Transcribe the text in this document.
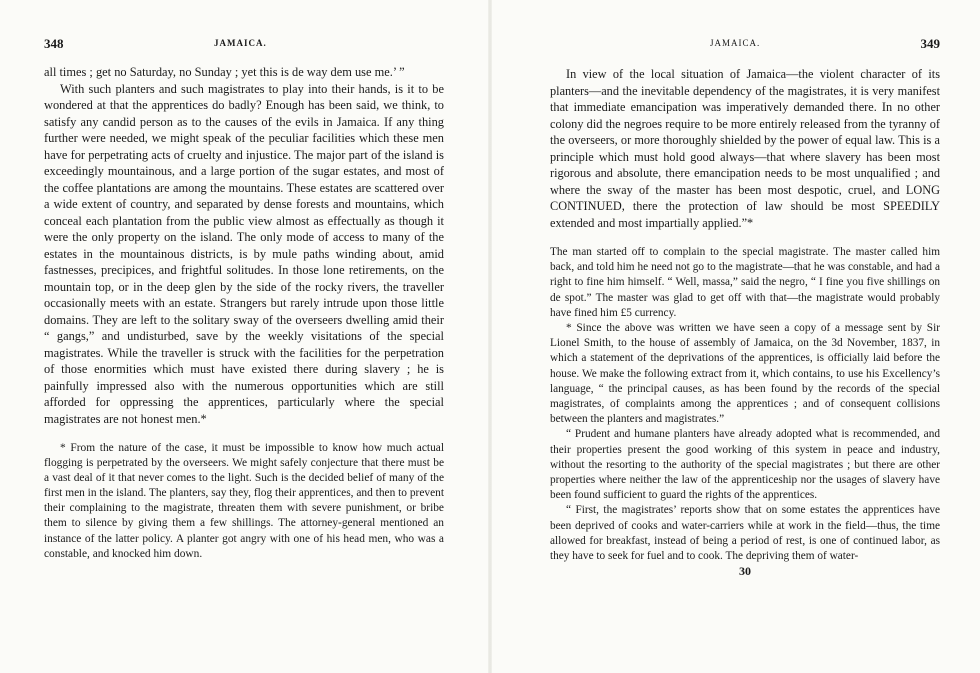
348	JAMAICA.

all times ; get no Saturday, no Sunday ; yet this is de way dem use me.’ ”

With such planters and such magistrates to play into their hands, is it to be wondered at that the apprentices do badly? Enough has been said, we think, to satisfy any candid person as to the causes of the evils in Jamaica. If any thing further were needed, we might speak of the peculiar facilities which these men have for perpetrating acts of cruelty and injustice. The major part of the island is exceedingly mountainous, and a large portion of the sugar estates, and most of the coffee plantations are among the mountains. These estates are scattered over a wide extent of country, and separated by dense forests and mountains, which conceal each plantation from the public view almost as effectually as though it were the only property on the island. The only mode of access to many of the estates in the mountainous districts, is by mule paths winding about, amid fastnesses, precipices, and frightful solitudes. In those lone retirements, on the mountain top, or in the deep glen by the side of the rocky rivers, the traveller occasionally meets with an estate. Strangers but rarely intrude upon those little domains. They are left to the solitary sway of the overseers dwelling amid their “ gangs,” and undisturbed, save by the weekly visitations of the special magistrates. While the traveller is struck with the facilities for the perpetration of those enormities which must have existed there during slavery ; he is painfully impressed also with the numerous opportunities which are still afforded for oppressing the apprentices, particularly where the special magistrates are not honest men.*

* From the nature of the case, it must be impossible to know how much actual flogging is perpetrated by the overseers. We might safely conjecture that there must be a vast deal of it that never comes to the light. Such is the decided belief of many of the first men in the island. The planters, say they, flog their apprentices, and then to prevent their complaining to the magistrate, threaten them with severe punishment, or bribe them to silence by giving them a few shillings. The attorney-general mentioned an instance of the latter policy. A planter got angry with one of his head men, who was a constable, and knocked him down.

JAMAICA.	349

In view of the local situation of Jamaica—the violent character of its planters—and the inevitable dependency of the magistrates, it is very manifest that immediate emancipation was imperatively demanded there. In no other colony did the negroes require to be more entirely released from the tyranny of the overseers, or more thoroughly shielded by the power of equal law. This is a principle which must hold good always—that where slavery has been most rigorous and absolute, there emancipation needs to be most unqualified ; and where the sway of the master has been most despotic, cruel, and LONG CONTINUED, there the protection of law should be most SPEEDILY extended and most impartially applied.”*

The man started off to complain to the special magistrate. The master called him back, and told him he need not go to the magistrate—that he was constable, and had a right to fine him himself. “ Well, massa,” said the negro, “ I fine you five shillings on de spot.” The master was glad to get off with that—the magistrate would probably have fined him £5 currency.

* Since the above was written we have seen a copy of a message sent by Sir Lionel Smith, to the house of assembly of Jamaica, on the 3d November, 1837, in which a statement of the deprivations of the apprentices, is officially laid before the house. We make the following extract from it, which contains, to use his Excellency’s language, “ the principal causes, as has been found by the records of the special magistrates, of complaints among the apprentices ; and of consequent collisions between the planters and magistrates.”

“ Prudent and humane planters have already adopted what is recommended, and their properties present the good working of this system in peace and industry, without the resorting to the authority of the special magistrates ; but there are other properties where neither the law of the apprenticeship nor the usages of slavery have been found sufficient to guard the rights of the apprentices.

“ First, the magistrates’ reports show that on some estates the apprentices have been deprived of cooks and water-carriers while at work in the field—thus, the time allowed for breakfast, instead of being a period of rest, is one of continued labor, as they have to seek for fuel and to cook. The depriving them of water-

30
